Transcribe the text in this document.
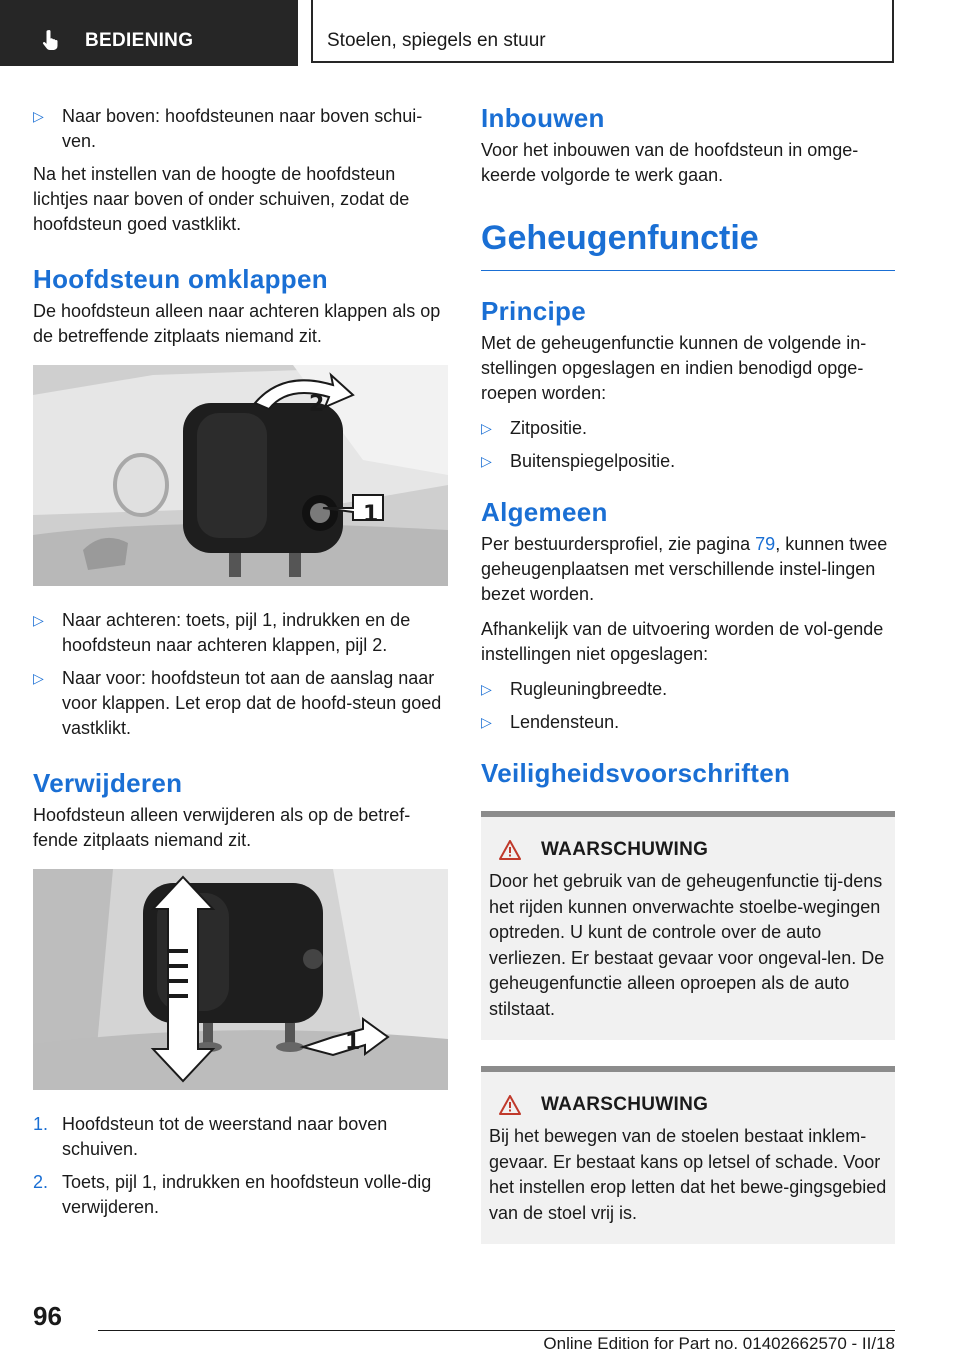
BEDIENING	Stoelen, spiegels en stuur
▷ Naar boven: hoofdsteunen naar boven schui-ven.

Na het instellen van de hoogte de hoofdsteun lichtjes naar boven of onder schuiven, zodat de hoofdsteun goed vastklikt.

Hoofdsteun omklappen

De hoofdsteun alleen naar achteren klappen als op de betreffende zitplaats niemand zit.

1
2
▷ Naar achteren: toets, pijl 1, indrukken en de hoofdsteun naar achteren klappen, pijl 2.
▷ Naar voor: hoofdsteun tot aan de aanslag naar voor klappen. Let erop dat de hoofd-steun goed vastklikt.
Verwijderen

Hoofdsteun alleen verwijderen als op de betref-fende zitplaats niemand zit.

1
1. Hoofdsteun tot de weerstand naar boven schuiven.
2. Toets, pijl 1, indrukken en hoofdsteun volle-dig verwijderen.
Inbouwen

Voor het inbouwen van de hoofdsteun in omge-keerde volgorde te werk gaan.

Geheugenfunctie
Principe

Met de geheugenfunctie kunnen de volgende in-stellingen opgeslagen en indien benodigd opge-roepen worden:

▷ Zitpositie.
▷ Buitenspiegelpositie.
Algemeen

Per bestuurdersprofiel, zie pagina 79, kunnen twee geheugenplaatsen met verschillende instel-lingen bezet worden.

Afhankelijk van de uitvoering worden de vol-gende instellingen niet opgeslagen:

▷ Rugleuningbreedte.
▷ Lendensteun.
Veiligheidsvoorschriften
WAARSCHUWING

Door het gebruik van de geheugenfunctie tij-dens het rijden kunnen onverwachte stoelbe-wegingen optreden. U kunt de controle over de auto verliezen. Er bestaat gevaar voor ongeval-len. De geheugenfunctie alleen oproepen als de auto stilstaat.

WAARSCHUWING

Bij het bewegen van de stoelen bestaat inklem-gevaar. Er bestaat kans op letsel of schade. Voor het instellen erop letten dat het bewe-gingsgebied van de stoel vrij is.

96
Online Edition for Part no. 01402662570 - II/18
